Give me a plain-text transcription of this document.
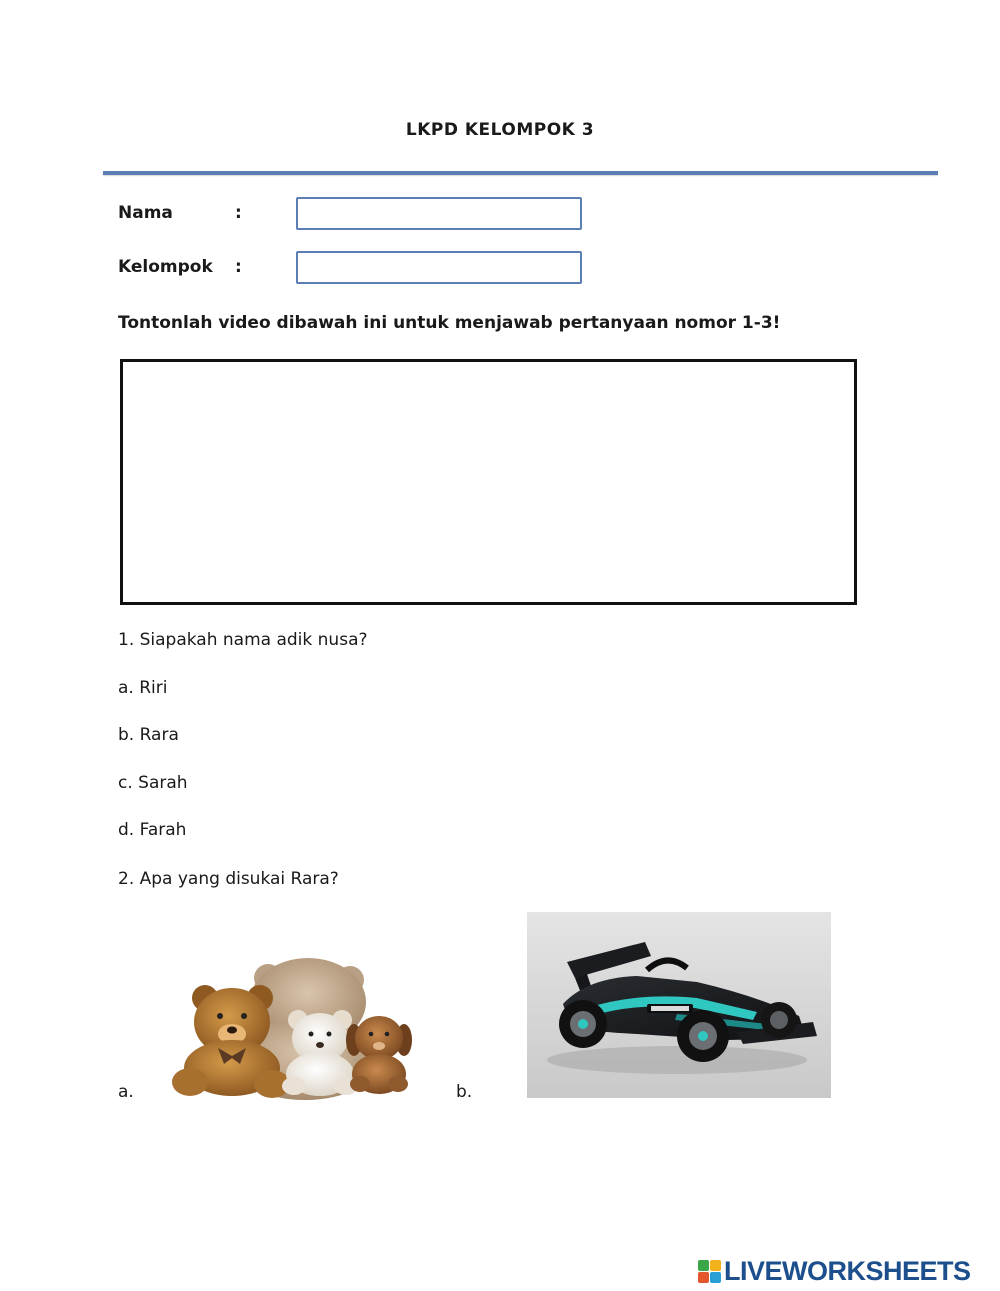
LKPD KELOMPOK 3
Nama	:
Kelompok :
Tontonlah video dibawah ini untuk menjawab pertanyaan nomor 1-3!
1. Siapakah nama adik nusa?
a. Riri
b. Rara
c. Sarah
d. Farah
2. Apa yang disukai Rara?
a.	b.
LIVEWORKSHEETS
